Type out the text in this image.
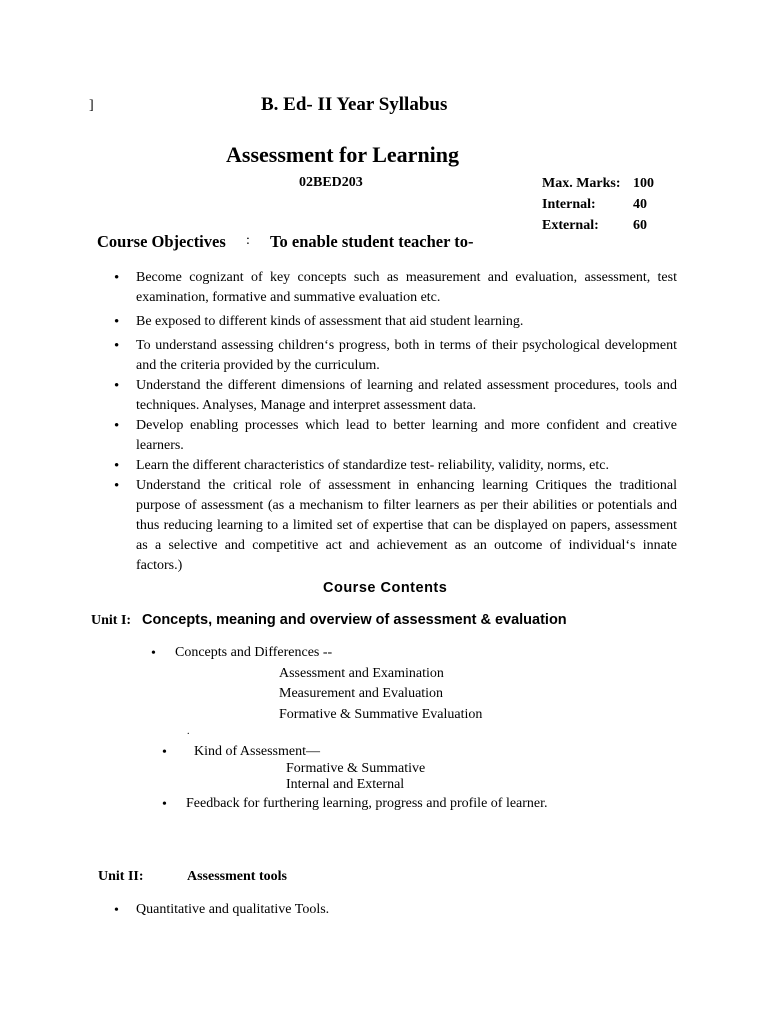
]	B. Ed- II Year Syllabus
Assessment for Learning
02BED203	Max. Marks: 100
Internal:	40
External:	60
Course Objectives : To enable student teacher to-
• Become cognizant of key concepts such as measurement and evaluation, assessment, test examination, formative and summative evaluation etc.
• Be exposed to different kinds of assessment that aid student learning.
• To understand assessing children‘s progress, both in terms of their psychological development and the criteria provided by the curriculum.
• Understand the different dimensions of learning and related assessment procedures, tools and techniques. Analyses, Manage and interpret assessment data.
• Develop enabling processes which lead to better learning and more confident and creative learners.
• Learn the different characteristics of standardize test- reliability, validity, norms, etc.
• Understand the critical role of assessment in enhancing learning Critiques the traditional purpose of assessment (as a mechanism to filter learners as per their abilities or potentials and thus reducing learning to a limited set of expertise that can be displayed on papers, assessment as a selective and competitive act and achievement as an outcome of individual‘s innate factors.)
Course Contents
Unit I: Concepts, meaning and overview of assessment & evaluation
• Concepts and Differences --
Assessment and Examination
Measurement and Evaluation
Formative & Summative Evaluation
.
• Kind of Assessment—
Formative & Summative
Internal and External
• Feedback for furthering learning, progress and profile of learner.
Unit II:	Assessment tools
• Quantitative and qualitative Tools.
